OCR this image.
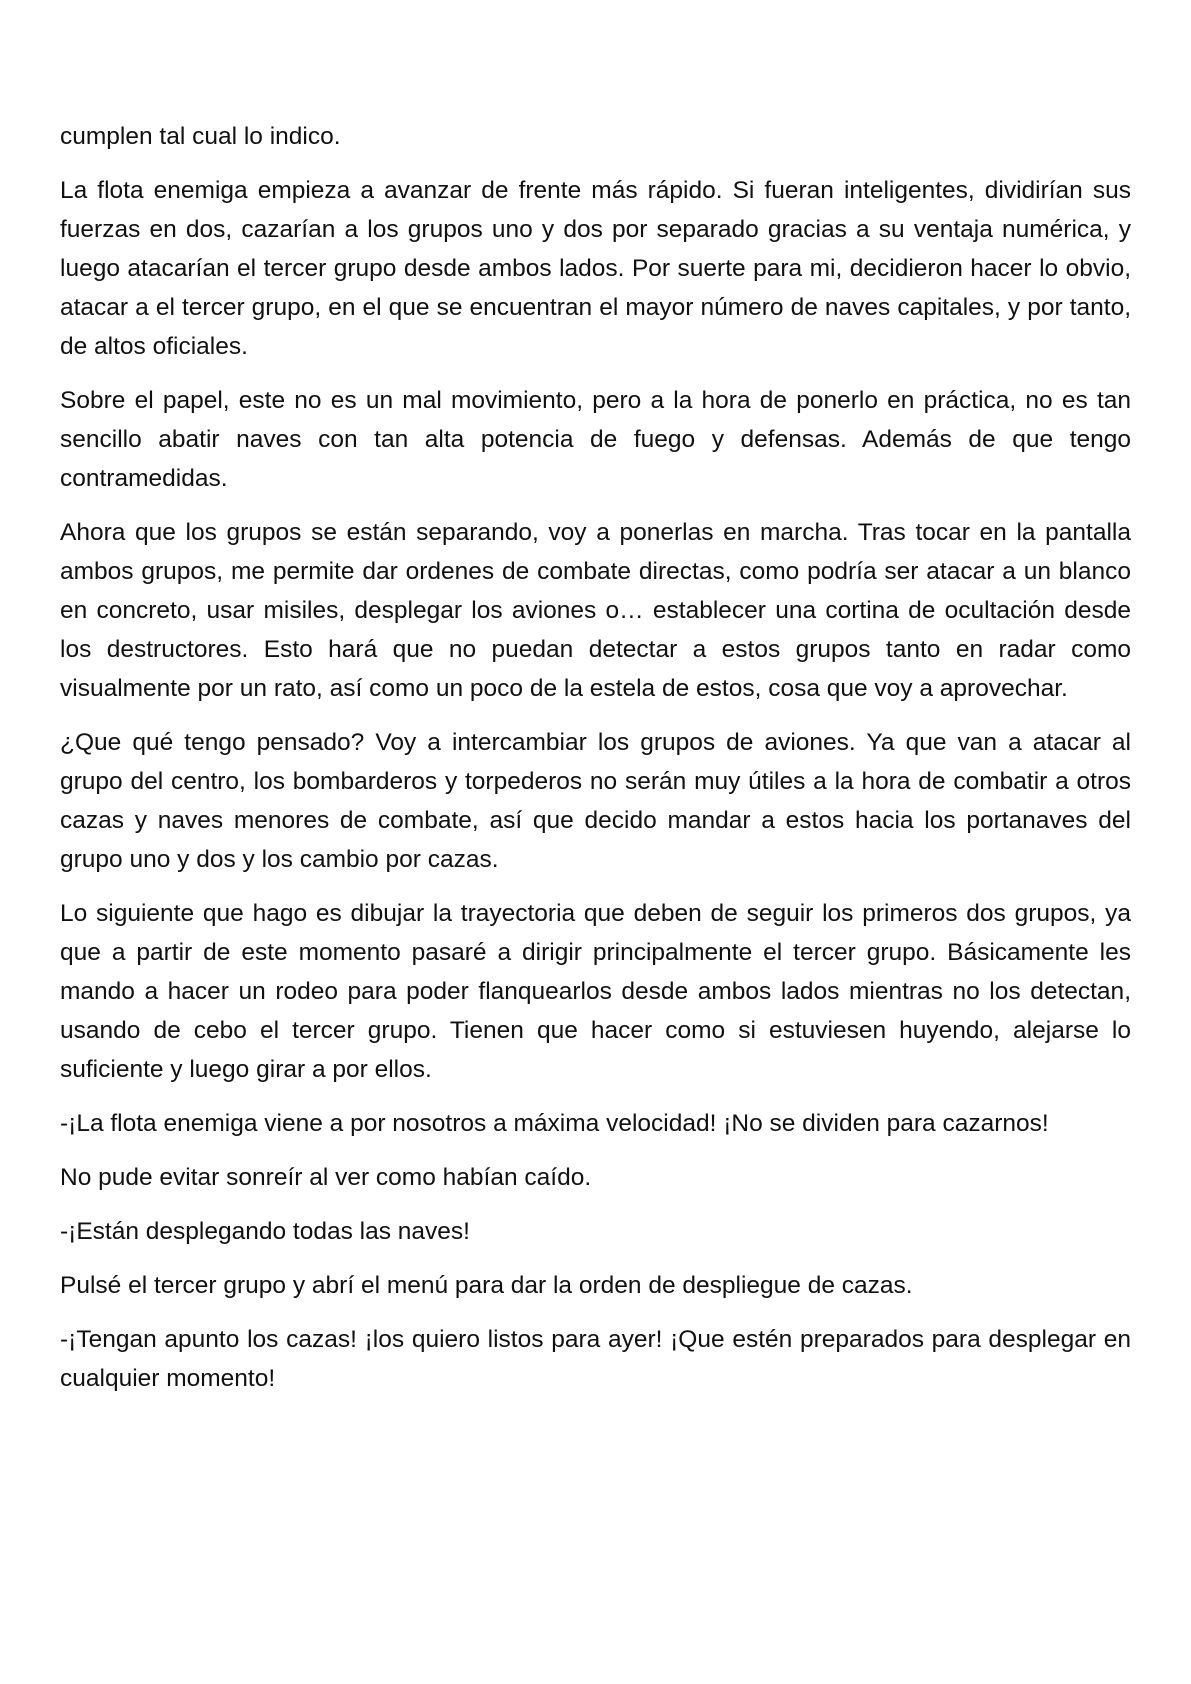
cumplen tal cual lo indico.

La flota enemiga empieza a avanzar de frente más rápido. Si fueran inteligentes, dividirían sus fuerzas en dos, cazarían a los grupos uno y dos por separado gracias a su ventaja numérica, y luego atacarían el tercer grupo desde ambos lados. Por suerte para mi, decidieron hacer lo obvio, atacar a el tercer grupo, en el que se encuentran el mayor número de naves capitales, y por tanto, de altos oficiales.

Sobre el papel, este no es un mal movimiento, pero a la hora de ponerlo en práctica, no es tan sencillo abatir naves con tan alta potencia de fuego y defensas. Además de que tengo contramedidas.

Ahora que los grupos se están separando, voy a ponerlas en marcha. Tras tocar en la pantalla ambos grupos, me permite dar ordenes de combate directas, como podría ser atacar a un blanco en concreto, usar misiles, desplegar los aviones o… establecer una cortina de ocultación desde los destructores. Esto hará que no puedan detectar a estos grupos tanto en radar como visualmente por un rato, así como un poco de la estela de estos, cosa que voy a aprovechar.

¿Que qué tengo pensado? Voy a intercambiar los grupos de aviones. Ya que van a atacar al grupo del centro, los bombarderos y torpederos no serán muy útiles a la hora de combatir a otros cazas y naves menores de combate, así que decido mandar a estos hacia los portanaves del grupo uno y dos y los cambio por cazas.

Lo siguiente que hago es dibujar la trayectoria que deben de seguir los primeros dos grupos, ya que a partir de este momento pasaré a dirigir principalmente el tercer grupo. Básicamente les mando a hacer un rodeo para poder flanquearlos desde ambos lados mientras no los detectan, usando de cebo el tercer grupo. Tienen que hacer como si estuviesen huyendo, alejarse lo suficiente y luego girar a por ellos.

-¡La flota enemiga viene a por nosotros a máxima velocidad! ¡No se dividen para cazarnos!

No pude evitar sonreír al ver como habían caído.

-¡Están desplegando todas las naves!

Pulsé el tercer grupo y abrí el menú para dar la orden de despliegue de cazas.

-¡Tengan apunto los cazas! ¡los quiero listos para ayer! ¡Que estén preparados para desplegar en cualquier momento!
